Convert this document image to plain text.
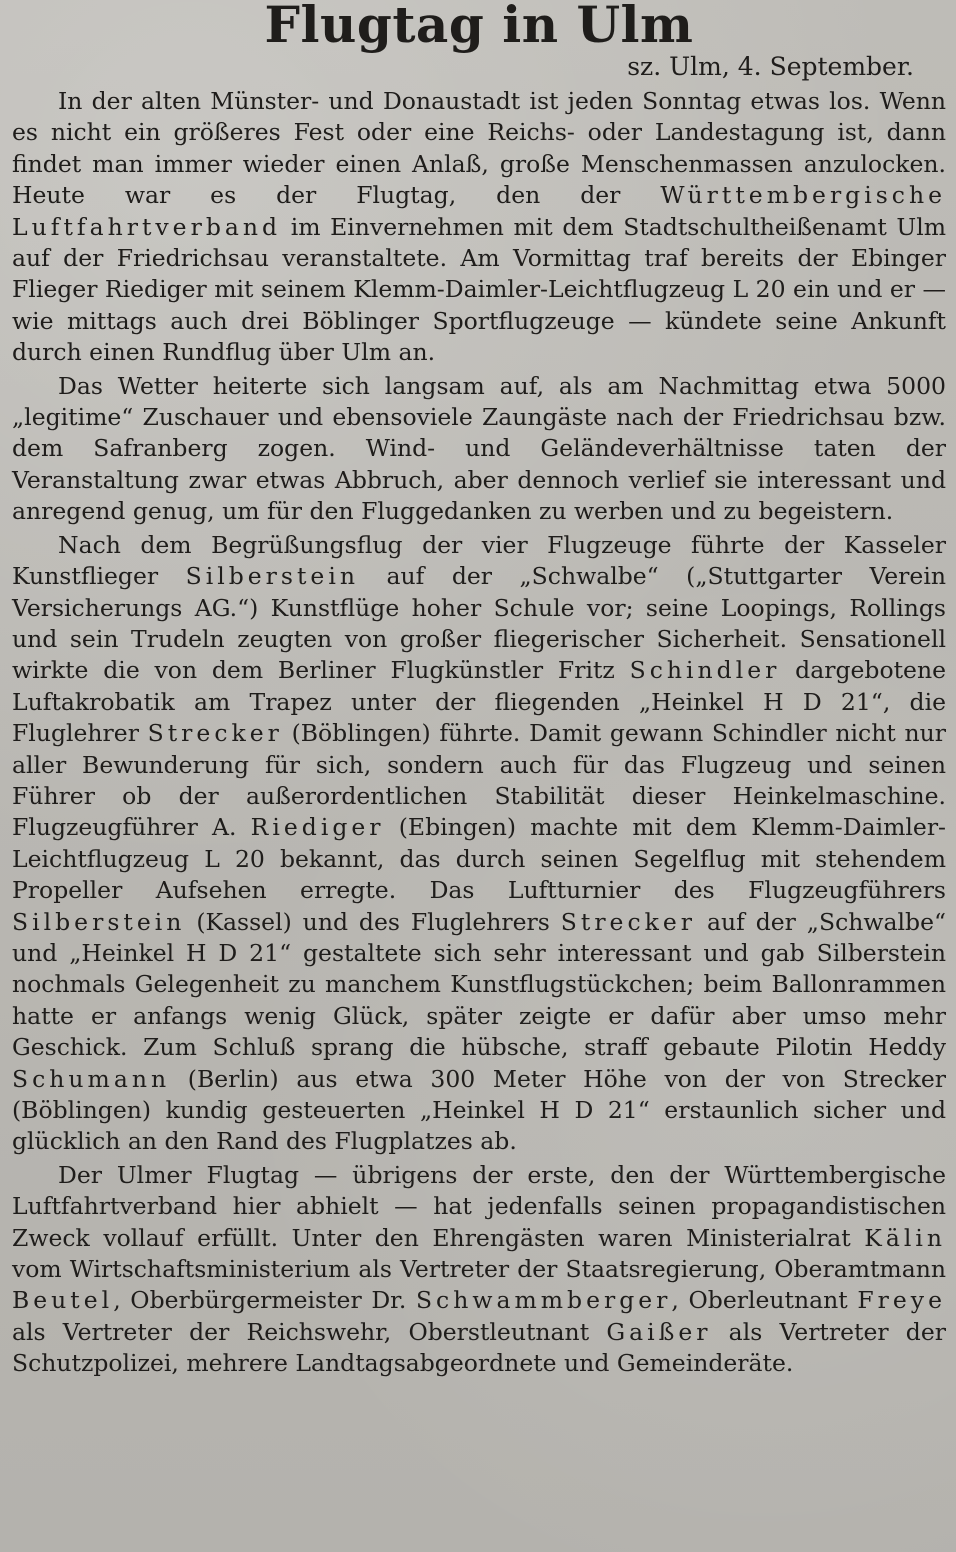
Flugtag in Ulm
sz. Ulm, 4. September.

In der alten Münster- und Donaustadt ist jeden Sonntag etwas los. Wenn es nicht ein größeres Fest oder eine Reichs- oder Landestagung ist, dann findet man immer wieder einen Anlaß, große Menschenmassen anzulocken. Heute war es der Flugtag, den der Württembergische Luftfahrtverband im Einvernehmen mit dem Stadtschultheißenamt Ulm auf der Friedrichsau veranstaltete. Am Vormittag traf bereits der Ebinger Flieger Riediger mit seinem Klemm-Daimler-Leichtflugzeug L 20 ein und er — wie mittags auch drei Böblinger Sportflugzeuge — kündete seine Ankunft durch einen Rundflug über Ulm an.

Das Wetter heiterte sich langsam auf, als am Nachmittag etwa 5000 „legitime“ Zuschauer und ebensoviele Zaungäste nach der Friedrichsau bzw. dem Safranberg zogen. Wind- und Geländeverhältnisse taten der Veranstaltung zwar etwas Abbruch, aber dennoch verlief sie interessant und anregend genug, um für den Fluggedanken zu werben und zu begeistern.

Nach dem Begrüßungsflug der vier Flugzeuge führte der Kasseler Kunstflieger Silberstein auf der „Schwalbe“ („Stuttgarter Verein Versicherungs AG.“) Kunstflüge hoher Schule vor; seine Loopings, Rollings und sein Trudeln zeugten von großer fliegerischer Sicherheit. Sensationell wirkte die von dem Berliner Flugkünstler Fritz Schindler dargebotene Luftakrobatik am Trapez unter der fliegenden „Heinkel H D 21“, die Fluglehrer Strecker (Böblingen) führte. Damit gewann Schindler nicht nur aller Bewunderung für sich, sondern auch für das Flugzeug und seinen Führer ob der außerordentlichen Stabilität dieser Heinkelmaschine. Flugzeugführer A. Riediger (Ebingen) machte mit dem Klemm-Daimler-Leichtflugzeug L 20 bekannt, das durch seinen Segelflug mit stehendem Propeller Aufsehen erregte. Das Luftturnier des Flugzeugführers Silberstein (Kassel) und des Fluglehrers Strecker auf der „Schwalbe“ und „Heinkel H D 21“ gestaltete sich sehr interessant und gab Silberstein nochmals Gelegenheit zu manchem Kunstflugstückchen; beim Ballonrammen hatte er anfangs wenig Glück, später zeigte er dafür aber umso mehr Geschick. Zum Schluß sprang die hübsche, straff gebaute Pilotin Heddy Schumann (Berlin) aus etwa 300 Meter Höhe von der von Strecker (Böblingen) kundig gesteuerten „Heinkel H D 21“ erstaunlich sicher und glücklich an den Rand des Flugplatzes ab.

Der Ulmer Flugtag — übrigens der erste, den der Württembergische Luftfahrtverband hier abhielt — hat jedenfalls seinen propagandistischen Zweck vollauf erfüllt. Unter den Ehrengästen waren Ministerialrat Kälin vom Wirtschaftsministerium als Vertreter der Staatsregierung, Oberamtmann Beutel, Oberbürgermeister Dr. Schwammberger, Oberleutnant Freye als Vertreter der Reichswehr, Oberstleutnant Gaißer als Vertreter der Schutzpolizei, mehrere Landtagsabgeordnete und Gemeinderäte.
